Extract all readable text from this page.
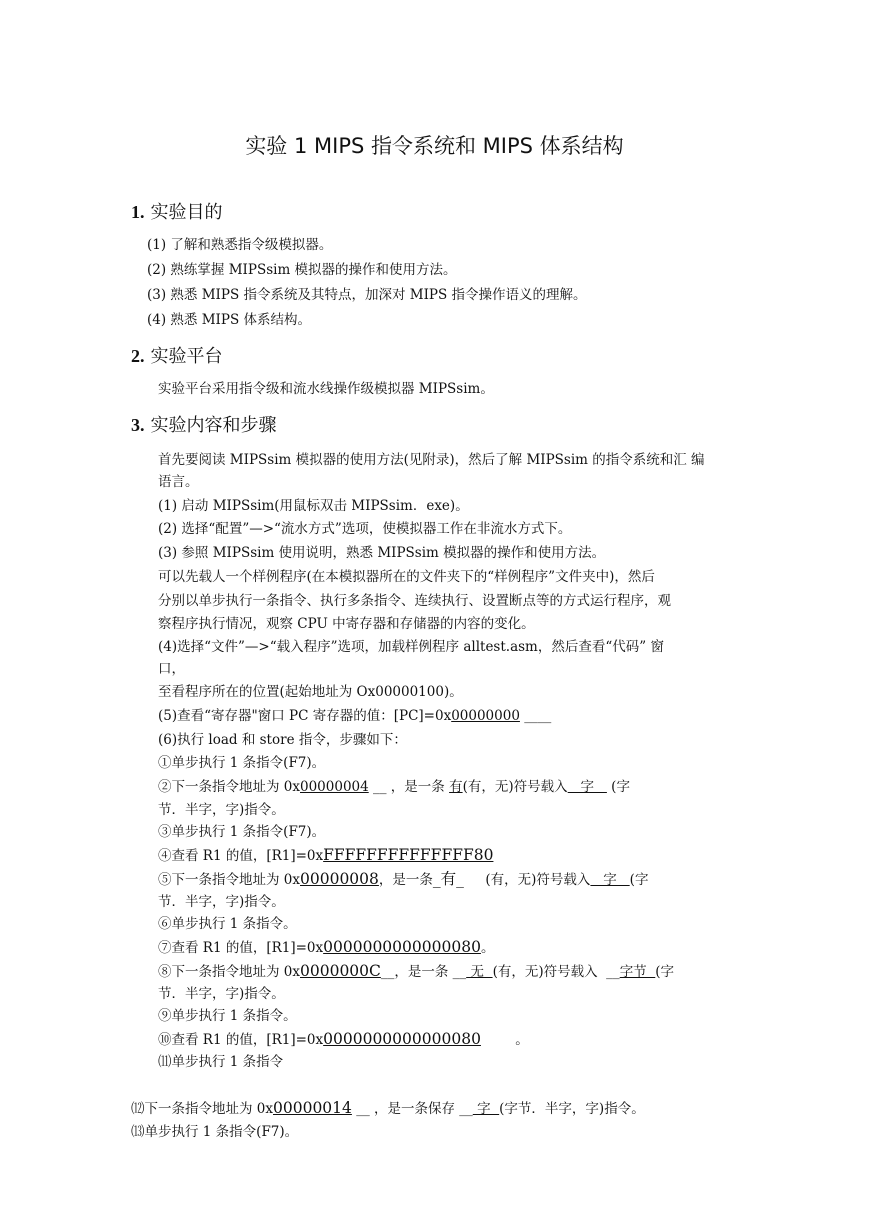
实验 1 MIPS 指令系统和 MIPS 体系结构
1. 实验目的
(1) 了解和熟悉指令级模拟器。
(2) 熟练掌握 MIPSsim 模拟器的操作和使用方法。
(3) 熟悉 MIPS 指令系统及其特点，加深对 MIPS 指令操作语义的理解。
(4) 熟悉 MIPS 体系结构。
2. 实验平台
实验平台采用指令级和流水线操作级模拟器 MIPSsim。
3. 实验内容和步骤
首先要阅读 MIPSsim 模拟器的使用方法(见附录)，然后了解 MIPSsim 的指令系统和汇 编
语言。
(1) 启动 MIPSsim(用鼠标双击 MIPSsim．exe)。
(2) 选择“配置”—>“流水方式”选项，使模拟器工作在非流水方式下。
(3) 参照 MIPSsim 使用说明，熟悉 MIPSsim 模拟器的操作和使用方法。
可以先载人一个样例程序(在本模拟器所在的文件夹下的“样例程序”文件夹中)，然后
分别以单步执行一条指令、执行多条指令、连续执行、设置断点等的方式运行程序，观
察程序执行情况，观察 CPU 中寄存器和存储器的内容的变化。
(4)选择“文件”—>“载入程序”选项，加载样例程序 alltest.asm，然后查看“代码” 窗
口，
至看程序所在的位置(起始地址为 Ox00000100)。
(5)查看“寄存器"窗口 PC 寄存器的值：[PC]=0x00000000 ____
(6)执行 load 和 store 指令，步骤如下：
①单步执行 1 条指令(F7)。
②下一条指令地址为 0x00000004 __ ，是一条 有(有，无)符号载入   字    (字
节．半字，字)指令。
③单步执行 1 条指令(F7)。
④查看 R1 的值，[R1]=0xFFFFFFFFFFFFFF80
⑤下一条指令地址为 0x00000008，是一条_有_     (有，无)符号载入   字   (字
节．半字，字)指令。
⑥单步执行 1 条指令。
⑦查看 R1 的值，[R1]=0x0000000000000080。
⑧下一条指令地址为 0x0000000C__，是一条 __ 无  (有，无)符号载入  __字节  (字
节．半字，字)指令。
⑨单步执行 1 条指令。
⑩查看 R1 的值，[R1]=0x0000000000000080        。
⑾单步执行 1 条指令
⑿下一条指令地址为 0x00000014 __ ，是一条保存 __ 字  (字节．半字，字)指令。
⒀单步执行 1 条指令(F7)。
